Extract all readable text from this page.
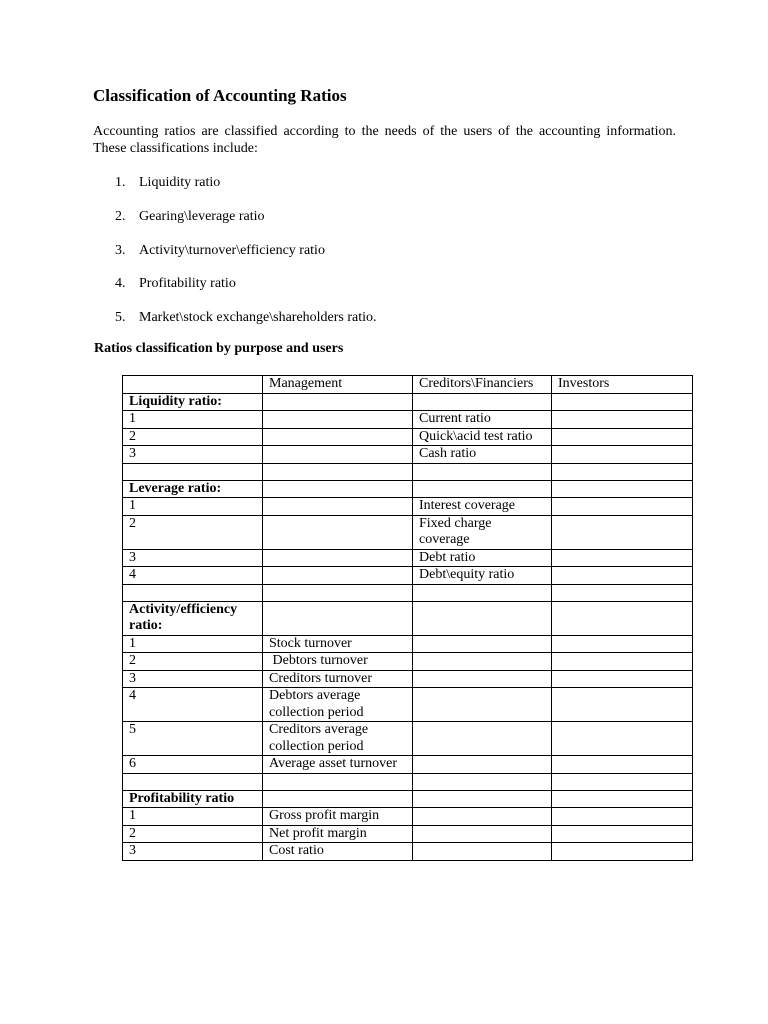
Classification of Accounting Ratios

Accounting ratios are classified according to the needs of the users of the accounting information. These classifications include:

1. Liquidity ratio
2. Gearing\leverage ratio
3. Activity\turnover\efficiency ratio
4. Profitability ratio
5. Market\stock exchange\shareholders ratio.
Ratios classification by purpose and users
	Management	Creditors\Financiers	Investors
Liquidity ratio:			
1		Current ratio	
2		Quick\acid test ratio	
3		Cash ratio	

Leverage ratio:			
1		Interest coverage	
2		Fixed charge coverage	
3		Debt ratio	
4		Debt\equity ratio	

Activity/efficiency ratio:			
1	Stock turnover		
2	Debtors turnover		
3	Creditors turnover		
4	Debtors average collection period		
5	Creditors average collection period		
6	Average asset turnover		

Profitability ratio			
1	Gross profit margin		
2	Net profit margin		
3	Cost ratio		
